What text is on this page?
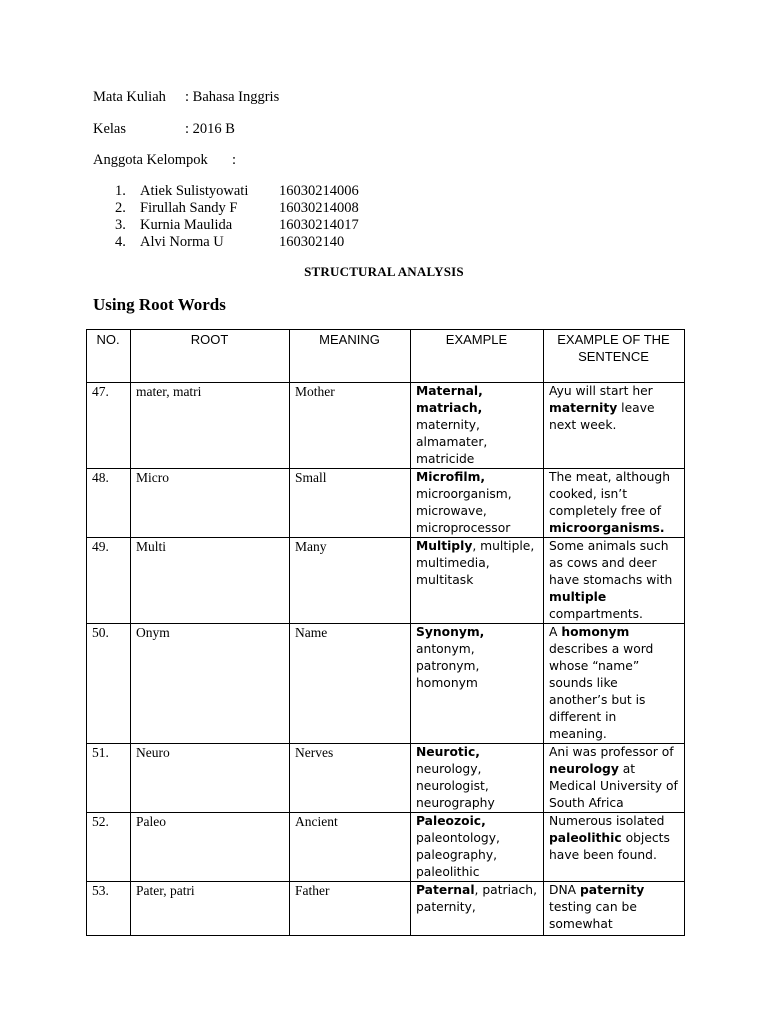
Mata Kuliah : Bahasa Inggris
Kelas	: 2016 B
Anggota Kelompok :
1. Atiek Sulistyowati 16030214006
2. Firullah Sandy F	16030214008
3. Kurnia Maulida	16030214017
4. Alvi Norma U	160302140
STRUCTURAL ANALYSIS
Using Root Words
NO.	ROOT	MEANING	EXAMPLE	EXAMPLE OF THE SENTENCE
47.	mater, matri	Mother	Maternal, matriach, maternity, almamater, matricide	Ayu will start her maternity leave next week.
48.	Micro	Small	Microfilm, microorganism, microwave, microprocessor	The meat, although cooked, isn’t completely free of microorganisms.
49.	Multi	Many	Multiply, multiple, multimedia, multitask	Some animals such as cows and deer have stomachs with multiple compartments.
50.	Onym	Name	Synonym, antonym, patronym, homonym	A homonym describes a word whose “name” sounds like another’s but is different in meaning.
51.	Neuro	Nerves	Neurotic, neurology, neurologist, neurography	Ani was professor of neurology at Medical University of South Africa
52.	Paleo	Ancient	Paleozoic, paleontology, paleography, paleolithic	Numerous isolated paleolithic objects have been found.
53.	Pater, patri	Father	Paternal, patriach, paternity,	DNA paternity testing can be somewhat
